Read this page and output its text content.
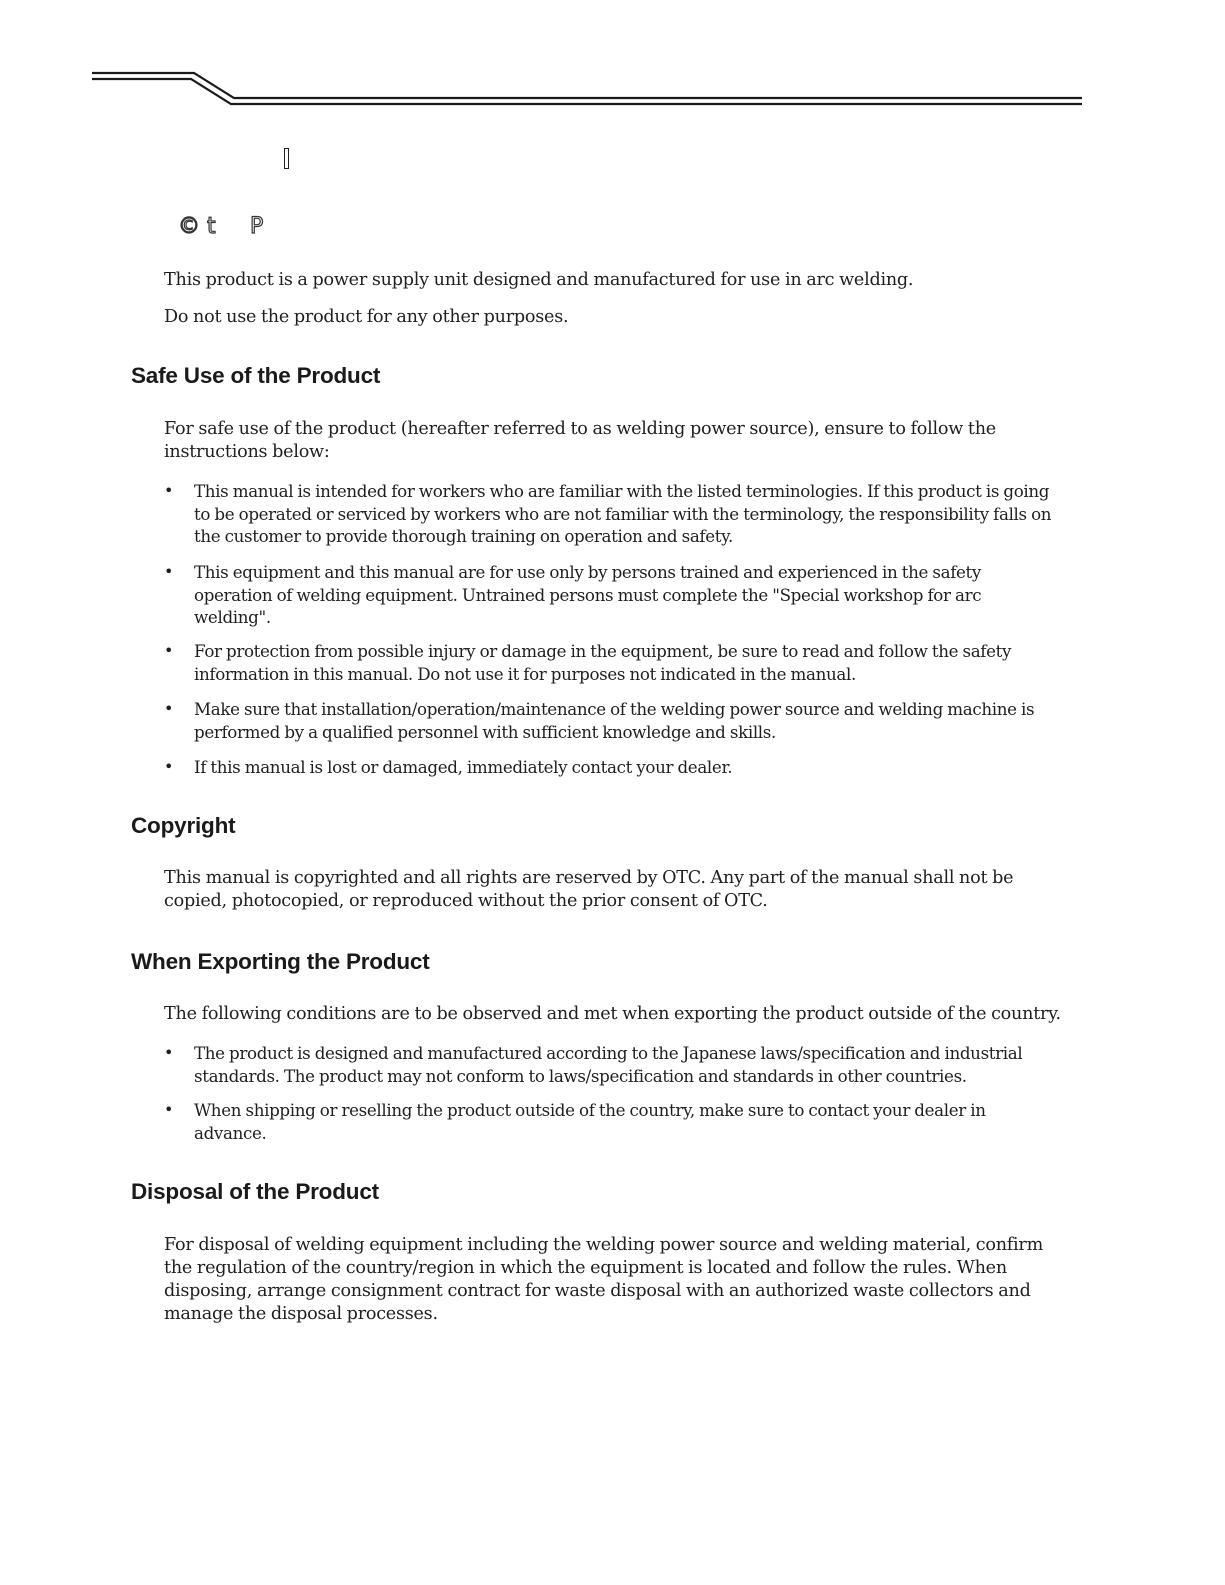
© t P

This product is a power supply unit designed and manufactured for use in arc welding.

Do not use the product for any other purposes.

Safe Use of the Product

For safe use of the product (hereafter referred to as welding power source), ensure to follow the instructions below:

• This manual is intended for workers who are familiar with the listed terminologies. If this product is going to be operated or serviced by workers who are not familiar with the terminology, the responsibility falls on the customer to provide thorough training on operation and safety.
• This equipment and this manual are for use only by persons trained and experienced in the safety operation of welding equipment. Untrained persons must complete the "Special workshop for arc welding".
• For protection from possible injury or damage in the equipment, be sure to read and follow the safety information in this manual. Do not use it for purposes not indicated in the manual.
• Make sure that installation/operation/maintenance of the welding power source and welding machine is performed by a qualified personnel with sufficient knowledge and skills.
• If this manual is lost or damaged, immediately contact your dealer.
Copyright

This manual is copyrighted and all rights are reserved by OTC. Any part of the manual shall not be copied, photocopied, or reproduced without the prior consent of OTC.

When Exporting the Product

The following conditions are to be observed and met when exporting the product outside of the country.

• The product is designed and manufactured according to the Japanese laws/specification and industrial standards. The product may not conform to laws/specification and standards in other countries.
• When shipping or reselling the product outside of the country, make sure to contact your dealer in advance.
Disposal of the Product

For disposal of welding equipment including the welding power source and welding material, confirm the regulation of the country/region in which the equipment is located and follow the rules. When disposing, arrange consignment contract for waste disposal with an authorized waste collectors and manage the disposal processes.
